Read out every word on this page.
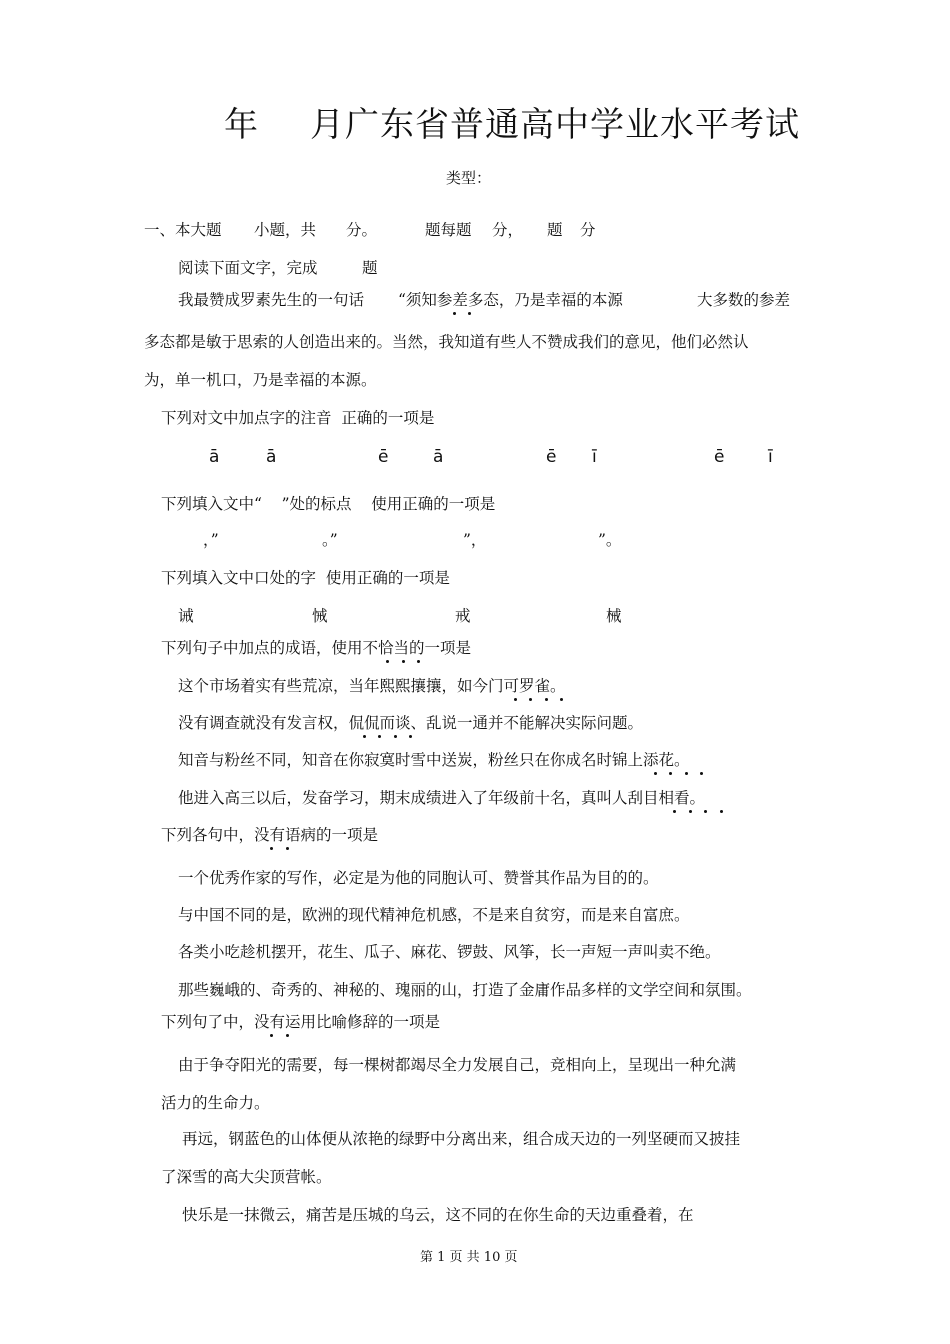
年 月广东省普通高中学业水平考试
类型：
一、本大题 小题，共 分。	题每题 分， 题 分
阅读下面文字，完成	题
我最赞成罗素先生的一句话 “须知参差多态，乃是幸福的本源	大多数的参差
多态都是敏于思索的人创造出来的。当然，我知道有些人不赞成我们的意见，他们必然认
为，单一机口，乃是幸福的本源。
下列对文中加点字的注音  正确的一项是
ā	ā	ē	ā	ē ī	ē	ī
下列填入文中“    ”处的标点    使用正确的一项是
，”	。”	”，	”。
下列填入文中口处的字  使用正确的一项是
诫	悈	戒	械
下列句子中加点的成语，使用不恰当的一项是
这个市场着实有些荒凉，当年熙熙攘攘，如今门可罗雀。
没有调查就没有发言权，侃侃而谈、乱说一通并不能解决实际问题。
知音与粉丝不同，知音在你寂寞时雪中送炭，粉丝只在你成名时锦上添花。
他进入高三以后，发奋学习，期末成绩进入了年级前十名，真叫人刮目相看。
下列各句中，没有语病的一项是
一个优秀作家的写作，必定是为他的同胞认可、赞誉其作品为目的的。
与中国不同的是，欧洲的现代精神危机感，不是来自贫穷，而是来自富庶。
各类小吃趁机摆开，花生、瓜子、麻花、锣鼓、风筝，长一声短一声叫卖不绝。
那些巍峨的、奇秀的、神秘的、瑰丽的山，打造了金庸作品多样的文学空间和氛围。
下列句了中，没有运用比喻修辞的一项是
由于争夺阳光的需要，每一棵树都竭尽全力发展自己，竞相向上，呈现出一种允满
活力的生命力。
再远，钢蓝色的山体便从浓艳的绿野中分离出来，组合成天边的一列坚硬而又披挂
了深雪的高大尖顶营帐。
快乐是一抹微云，痛苦是压城的乌云，这不同的在你生命的天边重叠着，在
第 1 页 共 10 页
